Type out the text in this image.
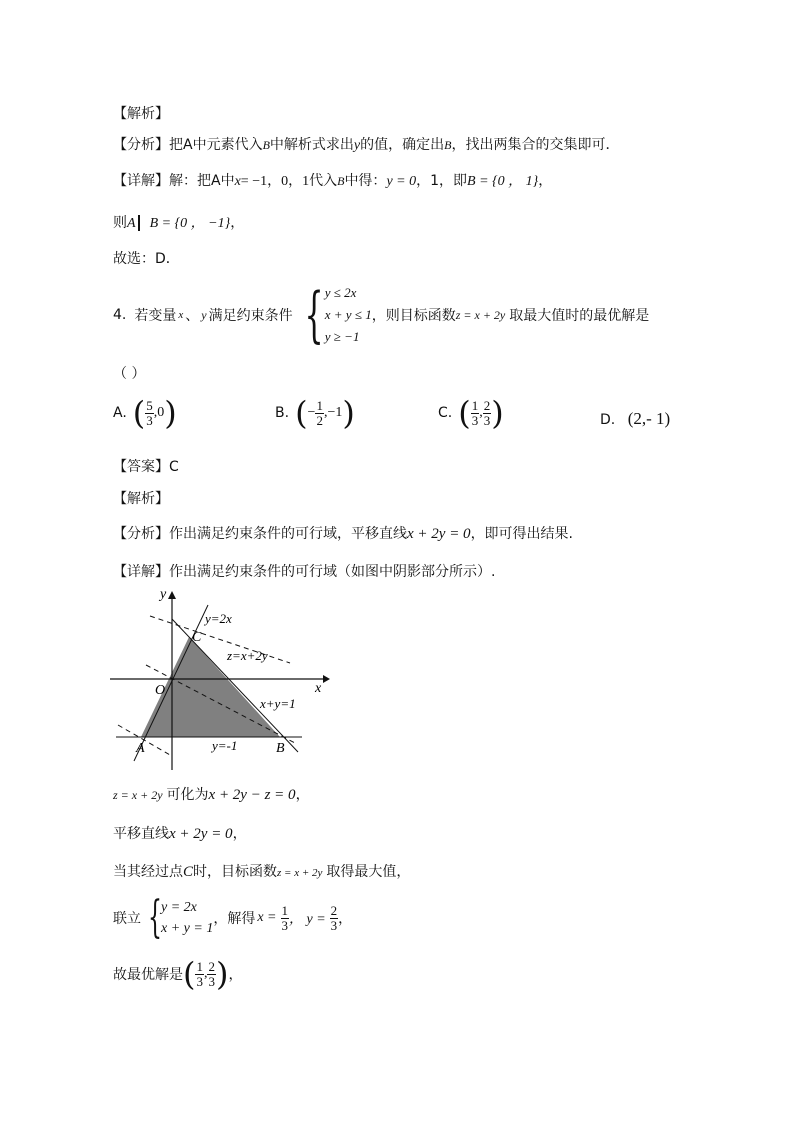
【解析】
【分析】把A中元素代入B中解析式求出y的值，确定出B，找出两集合的交集即可．
【详解】解：把A中x= −1，0，1代入B中得：y = 0，1，即B = {0 ， 1}，
则A B = {0 ， −1}，
故选：D．
4. 若变量 x 、 y 满足约束条件 { y ≤ 2x
x + y ≤ 1
y ≥ −1
，则目标函数 z = x + 2y 取最大值时的最优解是
（ ）
A. ( $\frac{5}{3} ,0$ )	B. ( − $\frac{1}{2} ,-1$ )	C. ( $\frac{1}{3}$ , $\frac{2}{3}$ )	D. (2,- 1)
【答案】C
【解析】
【分析】作出满足约束条件的可行域，平移直线x + 2y = 0，即可得出结果.
【详解】作出满足约束条件的可行域（如图中阴影部分所示）.
y
x
O
y=2x
C
z=x+2y
x+y=1
A	y=-1	B
z = x + 2y 可化为x + 2y − z = 0，
平移直线x + 2y = 0，
当其经过点C时，目标函数z = x + 2y 取得最大值，
联立 { y = 2x
x + y = 1
，解得 $x = \frac{1}{3}$ ， $y = \frac{2}{3}$ ，
故最优解是 ( $\frac{1}{3}$ , $\frac{2}{3}$ ) ，
